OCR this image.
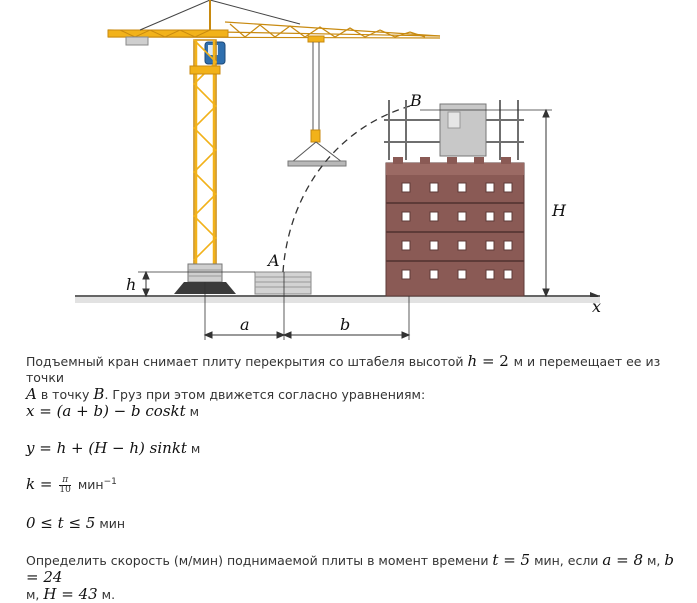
h
A
B
H
x
a	b
Подъемный кран снимает плиту перекрытия со штабеля высотой h = 2 м и перемещает ее из точки
A в точку B. Груз при этом движется согласно уравнениям:
x = (a + b) − b coskt м
y = h + (H − h) sinkt м
$k = \frac{\pi}{10} мин^{-1}$
0 ≤ t ≤ 5 мин
Определить скорость (м/мин) поднимаемой плиты в момент времени t = 5 мин, если a = 8 м, b = 24
м, H = 43 м.
